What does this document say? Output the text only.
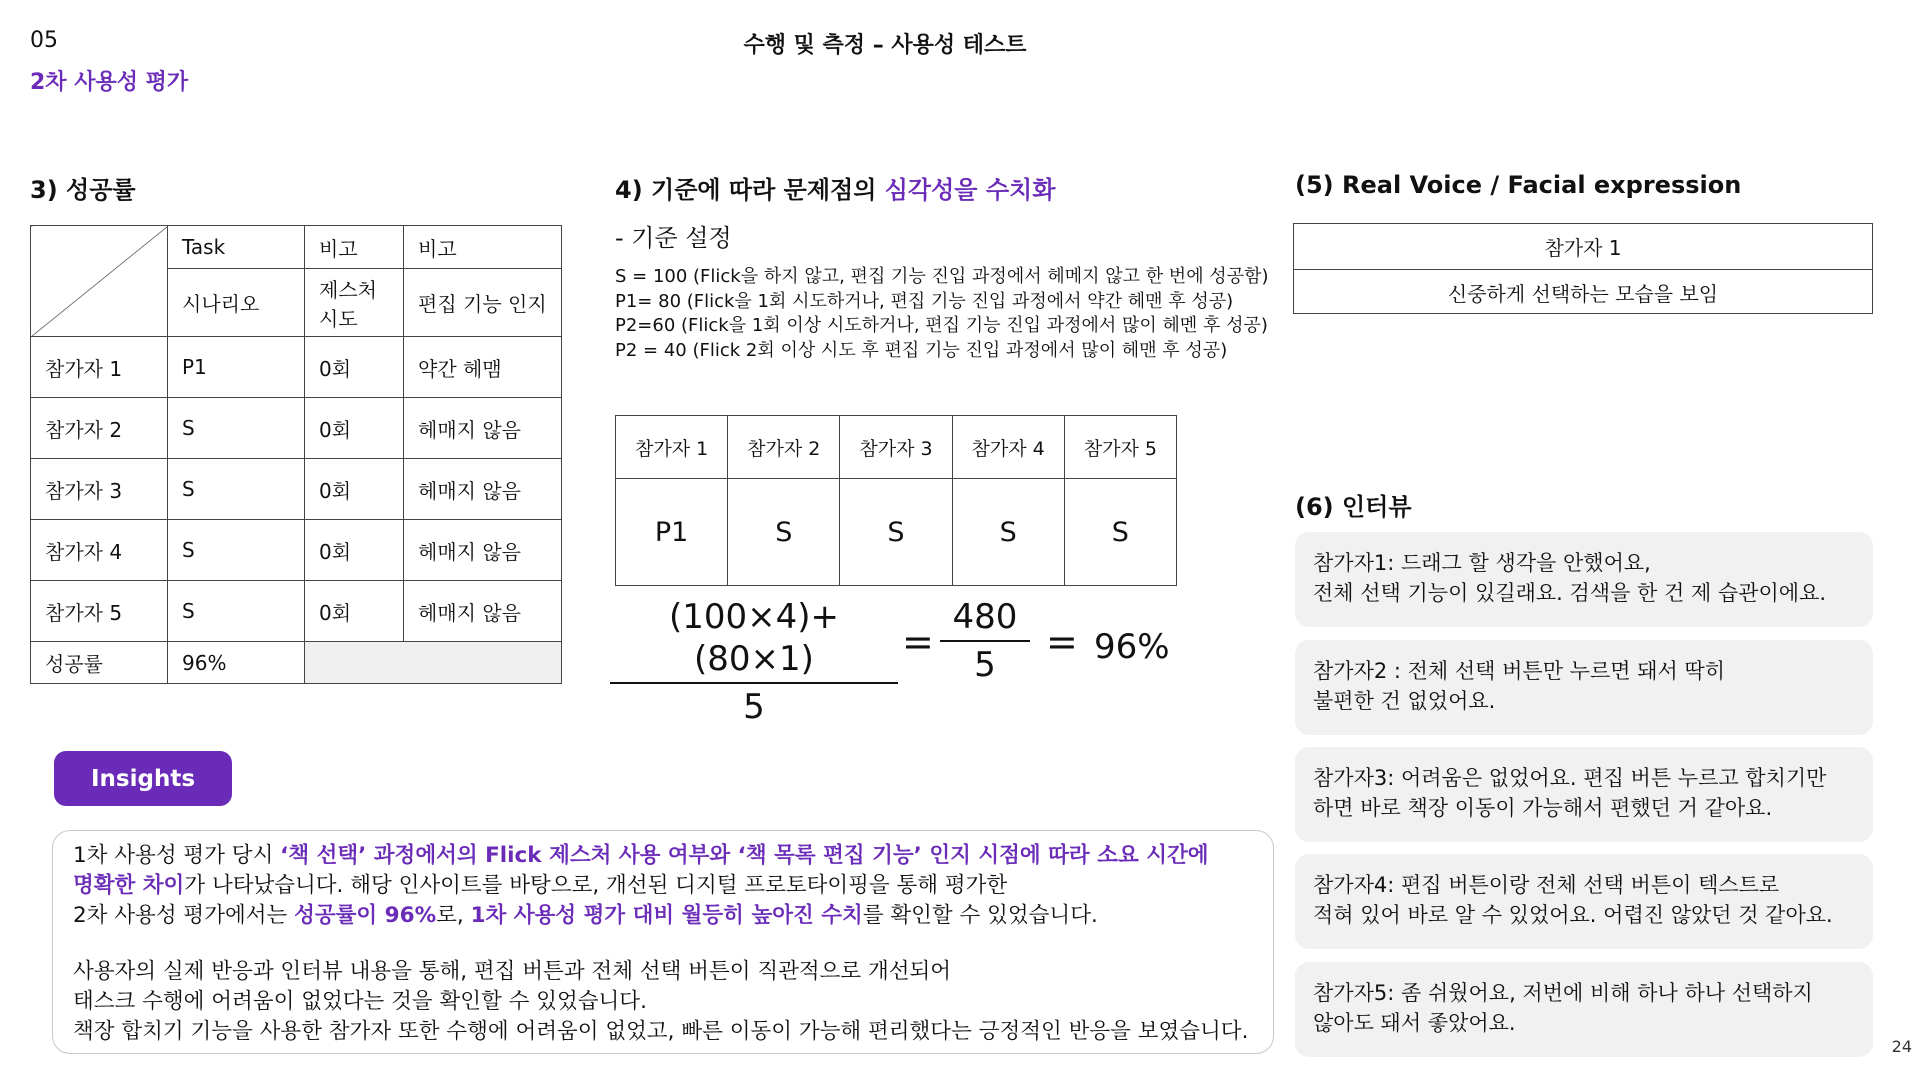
05	수행 및 측정 – 사용성 테스트
2차 사용성 평가
3) 성공률
	Task	비고	비고
	시나리오	제스처 시도	편집 기능 인지
참가자 1	P1	0회	약간 헤맴
참가자 2	S	0회	헤매지 않음
참가자 3	S	0회	헤매지 않음
참가자 4	S	0회	헤매지 않음
참가자 5	S	0회	헤매지 않음
성공률	96%		
4) 기준에 따라 문제점의 심각성을 수치화
- 기준 설정
S = 100 (Flick을 하지 않고, 편집 기능 진입 과정에서 헤메지 않고 한 번에 성공함)
P1= 80 (Flick을 1회 시도하거나, 편집 기능 진입 과정에서 약간 헤맨 후 성공)
P2=60 (Flick을 1회 이상 시도하거나, 편집 기능 진입 과정에서 많이 헤멘 후 성공)
P2 = 40 (Flick 2회 이상 시도 후 편집 기능 진입 과정에서 많이 헤맨 후 성공)
참가자 1	참가자 2	참가자 3	참가자 4	참가자 5
P1	S	S	S	S
(100×4)+(80×1)
5
=
480
5
= 96%
(5) Real Voice / Facial expression
참가자 1
신중하게 선택하는 모습을 보임
(6) 인터뷰
참가자1: 드래그 할 생각을 안했어요,
전체 선택 기능이 있길래요. 검색을 한 건 제 습관이에요.
참가자2 : 전체 선택 버튼만 누르면 돼서 딱히
불편한 건 없었어요.
참가자3: 어려움은 없었어요. 편집 버튼 누르고 합치기만
하면 바로 책장 이동이 가능해서 편했던 거 같아요.
참가자4: 편집 버튼이랑 전체 선택 버튼이 텍스트로
적혀 있어 바로 알 수 있었어요. 어렵진 않았던 것 같아요.
참가자5: 좀 쉬웠어요, 저번에 비해 하나 하나 선택하지
않아도 돼서 좋았어요.
Insights

1차 사용성 평가 당시 ‘책 선택’ 과정에서의 Flick 제스처 사용 여부와 ‘책 목록 편집 기능’ 인지 시점에 따라 소요 시간에
명확한 차이가 나타났습니다. 해당 인사이트를 바탕으로, 개선된 디지털 프로토타이핑을 통해 평가한
2차 사용성 평가에서는 성공률이 96%로, 1차 사용성 평가 대비 월등히 높아진 수치를 확인할 수 있었습니다.

사용자의 실제 반응과 인터뷰 내용을 통해, 편집 버튼과 전체 선택 버튼이 직관적으로 개선되어
태스크 수행에 어려움이 없었다는 것을 확인할 수 있었습니다.
책장 합치기 기능을 사용한 참가자 또한 수행에 어려움이 없었고, 빠른 이동이 가능해 편리했다는 긍정적인 반응을 보였습니다.

24
